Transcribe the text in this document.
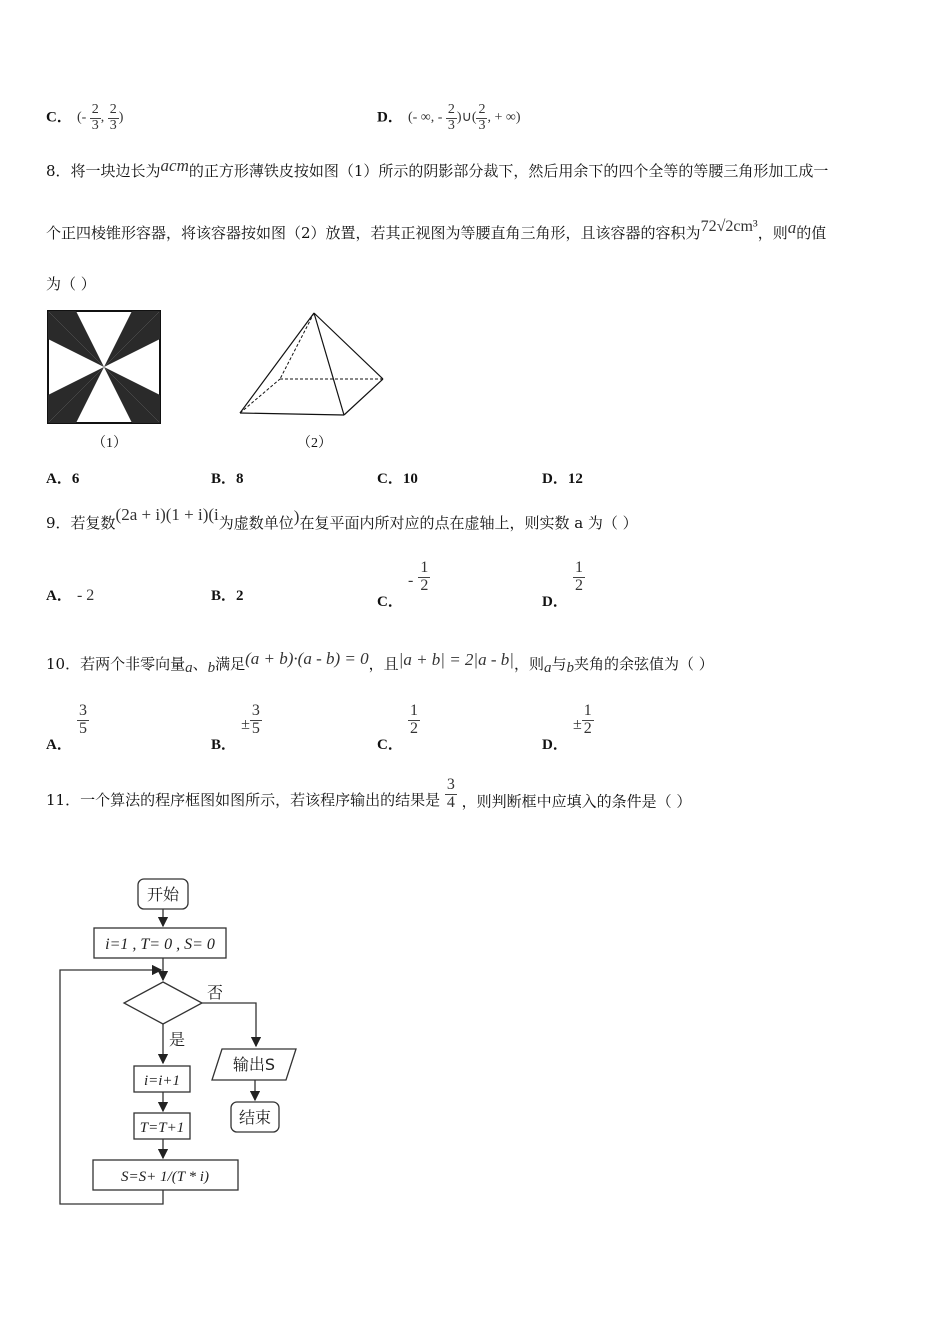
C． (- $\frac{2}{3}$ , $\frac{2}{3}$ )	D． (- ∞, - $\frac{2}{3}$ )∪( $\frac{2}{3}$ , + ∞)
8．将一块边长为acm的正方形薄铁皮按如图（1）所示的阴影部分裁下，然后用余下的四个全等的等腰三角形加工成一
个正四棱锥形容器，将该容器按如图（2）放置，若其正视图为等腰直角三角形，且该容器的容积为72√2cm³，则a的值
为（ ）
（1）	（2）
A．6	B．8	C．10	D．12
9．若复数(2a + i)(1 + i)(i为虚数单位)在复平面内所对应的点在虚轴上，则实数 a 为（ ）
A． - 2	B．2	C． - $\frac{1}{2}$
D．
$\frac{1}{2}$
10．若两个非零向量a、b满足(a + b)·(a - b) = 0，且|a + b| = 2|a - b|，则a与b夹角的余弦值为（ ）
A．
$\frac{3}{5}$
B． ± $\frac{3}{5}$
C．
$\frac{1}{2}$
D． ± $\frac{1}{2}$
11．一个算法的程序框图如图所示，若该程序输出的结果是 $\frac{3}{4}$ ，则判断框中应填入的条件是（ ）
开始
i=1 , T= 0 , S= 0
否
是
输出S
结束
i=i+1
T=T+1
S=S+ 1/(T * i)
